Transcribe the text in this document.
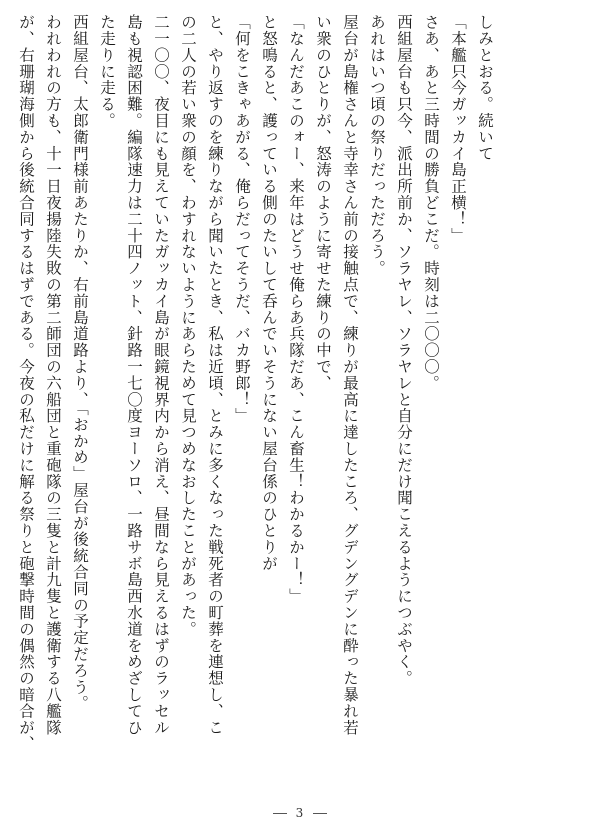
しみとおる。続いて

「本艦只今ガッカイ島正横！」

さあ、あと三時間の勝負どこだ。時刻は二〇〇〇。

西組屋台も只今、派出所前か、ソラヤレ、ソラヤレと自分にだけ聞こえるようにつぶやく。

あれはいつ頃の祭りだっただろう。

屋台が島権さんと寺幸さん前の接触点で、練りが最高に達したころ、グデングデンに酔った暴れ若

い衆のひとりが、怒涛のように寄せた練りの中で、

「なんだあこのォー、来年はどうせ俺らあ兵隊だあ、こん畜生！わかるかー！」

と怒鳴ると、護っている側のたいして呑んでいそうにない屋台係のひとりが

「何をこきゃあがる、俺らだってそうだ、バカ野郎！」

と、やり返すのを練りながら聞いたとき、私は近頃、とみに多くなった戦死者の町葬を連想し、こ

の二人の若い衆の顔を、わすれないようにあらためて見つめなおしたことがあった。

二一〇〇、夜目にも見えていたガッカイ島が眼鏡視界内から消え、昼間なら見えるはずのラッセル

島も視認困難。編隊速力は二十四ノット、針路一七〇度ヨーソロ、一路サボ島西水道をめざしてひ

た走りに走る。

西組屋台、太郎衛門様前あたりか、右前島道路より、「おかめ」屋台が後統合同の予定だろう。

われわれの方も、十一日夜揚陸失敗の第二師団の六船団と重砲隊の三隻と計九隻と護衛する八艦隊

が、右珊瑚海側から後統合同するはずである。今夜の私だけに解る祭りと砲撃時間の偶然の暗合が、

3
